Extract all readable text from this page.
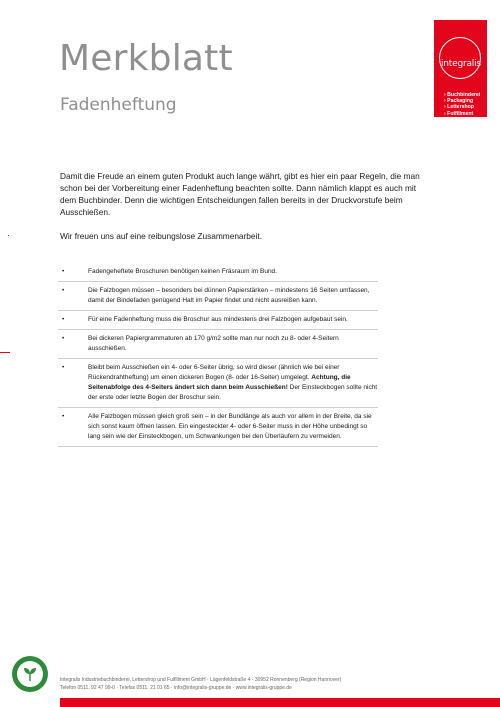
Merkblatt
Fadenheftung
integralis
› Buchbinderei
› Packaging
› Lettershop
› Fulfillment
› Formbau

Damit die Freude an einem guten Produkt auch lange währt, gibt es hier ein paar Regeln, die man schon bei der Vorbereitung einer Fadenheftung beachten sollte. Dann nämlich klappt es auch mit dem Buchbinder. Denn die wichtigen Entscheidungen fallen bereits in der Druckvorstufe beim Ausschießen.

Wir freuen uns auf eine reibungslose Zusammenarbeit.

•	Fadengeheftete Broschuren benötigen keinen Fräsraum im Bund.
•	Die Falzbogen müssen – besonders bei dünnen Papierstärken – mindestens 16 Seiten umfassen, damit der Bindefaden genügend Halt im Papier findet und nicht ausreißen kann.
•	Für eine Fadenheftung muss die Broschur aus mindestens drei Falzbogen aufgebaut sein.
•	Bei dickeren Papiergrammaturen ab 170 g/m2 sollte man nur noch zu 8- oder 4-Seitern ausschießen.
•	Bleibt beim Ausschießen ein 4- oder 6-Seiter übrig, so wird dieser (ähnlich wie bei einer Rückendrahtheftung) um einen dickeren Bogen (8- oder 16-Seiter) umgelegt. Achtung, die Seitenabfolge des 4-Seiters ändert sich dann beim Ausschießen! Der Einsteckbogen sollte nicht der erste oder letzte Bogen der Broschur sein.
•	Alle Falzbogen müssen gleich groß sein – in der Bundlänge als auch vor allem in der Breite, da sie sich sonst kaum öffnen lassen. Ein eingesteckter 4- oder 6-Seiter muss in der Höhe unbedingt so lang sein wie der Einsteckbogen, um Schwankungen bei den Überläufern zu vermeiden.
Integralis Industriebuchbinderei, Lettershop und Fulfillment GmbH · Lägenfeldstraße 4 · 30952 Ronnenberg (Region Hannover)
Telefon 0511. 92 47 99-0 · Telefax 0511. 21 01 65 · info@integralis-gruppe.de · www.integralis-gruppe.de
